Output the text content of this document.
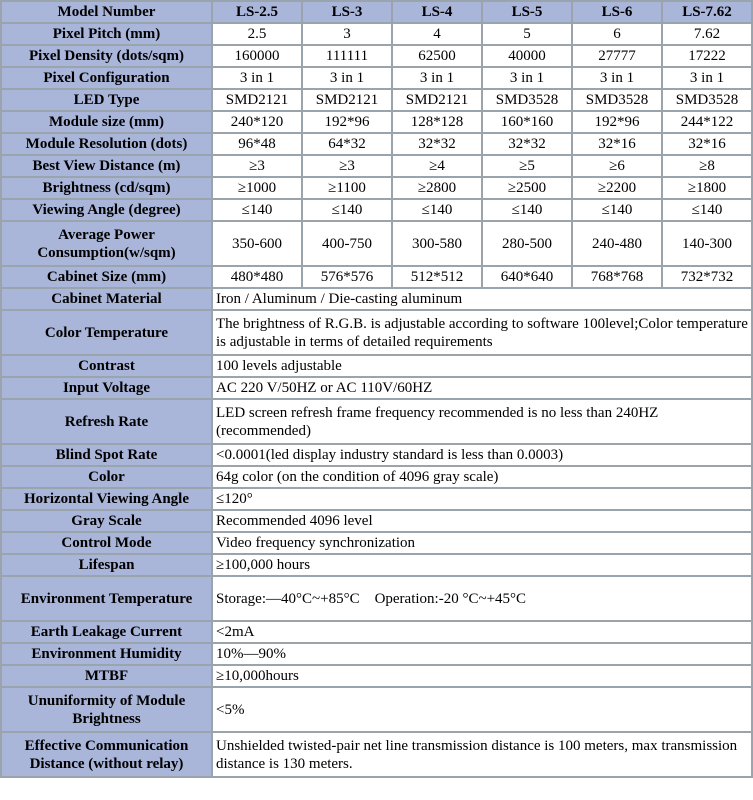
Model Number	LS-2.5	LS-3	LS-4	LS-5	LS-6	LS-7.62
Pixel Pitch (mm)	2.5	3	4	5	6	7.62
Pixel Density (dots/sqm)	160000	111111	62500	40000	27777	17222
Pixel Configuration	3 in 1	3 in 1	3 in 1	3 in 1	3 in 1	3 in 1
LED Type	SMD2121	SMD2121	SMD2121	SMD3528	SMD3528	SMD3528
Module size (mm)	240*120	192*96	128*128	160*160	192*96	244*122
Module Resolution (dots)	96*48	64*32	32*32	32*32	32*16	32*16
Best View Distance (m)	≥3	≥3	≥4	≥5	≥6	≥8
Brightness (cd/sqm)	≥1000	≥1100	≥2800	≥2500	≥2200	≥1800
Viewing Angle (degree)	≤140	≤140	≤140	≤140	≤140	≤140
Average Power Consumption(w/sqm)	350-600	400-750	300-580	280-500	240-480	140-300
Cabinet Size (mm)	480*480	576*576	512*512	640*640	768*768	732*732
Cabinet Material	Iron / Aluminum / Die-casting aluminum					
Color Temperature	The brightness of R.G.B. is adjustable according to software 100level;Color temperature is adjustable in terms of detailed requirements					
Contrast	100 levels adjustable					
Input Voltage	AC 220 V/50HZ or AC 110V/60HZ					
Refresh Rate	LED screen refresh frame frequency recommended is no less than 240HZ (recommended)					
Blind Spot Rate	<0.0001(led display industry standard is less than 0.0003)					
Color	64g color (on the condition of 4096 gray scale)					
Horizontal Viewing Angle	≤120°					
Gray Scale	Recommended 4096 level					
Control Mode	Video frequency synchronization					
Lifespan	≥100,000 hours					
Environment Temperature	Storage:—40°C~+85°C    Operation:-20 °C~+45°C					
Earth Leakage Current	<2mA					
Environment Humidity	10%—90%					
MTBF	≥10,000hours					
Ununiformity of Module Brightness	<5%					
Effective Communication Distance (without relay)	Unshielded twisted-pair net line transmission distance is 100 meters, max transmission distance is 130 meters.					
